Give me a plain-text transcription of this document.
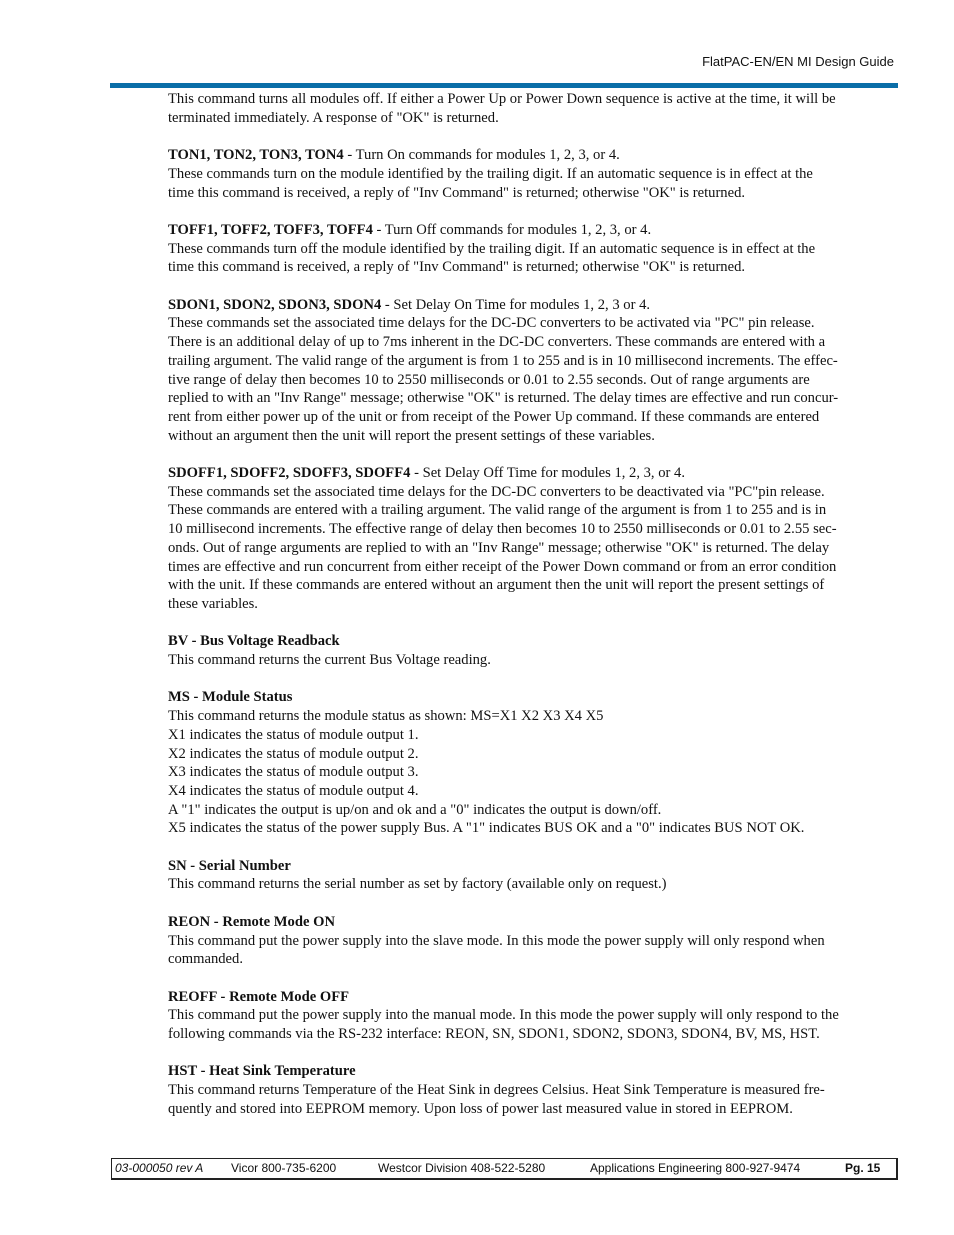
FlatPAC-EN/EN MI Design Guide

This command turns all modules off. If either a Power Up or Power Down sequence is active at the time, it will be
terminated immediately. A response of "OK" is returned.

TON1, TON2, TON3, TON4 - Turn On commands for modules 1, 2, 3, or 4.
These commands turn on the module identified by the trailing digit. If an automatic sequence is in effect at the
time this command is received, a reply of "Inv Command" is returned; otherwise "OK" is returned.

TOFF1, TOFF2, TOFF3, TOFF4 - Turn Off commands for modules 1, 2, 3, or 4.
These commands turn off the module identified by the trailing digit. If an automatic sequence is in effect at the
time this command is received, a reply of "Inv Command" is returned; otherwise "OK" is returned.

SDON1, SDON2, SDON3, SDON4 - Set Delay On Time for modules 1, 2, 3 or 4.
These commands set the associated time delays for the DC-DC converters to be activated via "PC" pin release.
There is an additional delay of up to 7ms inherent in the DC-DC converters. These commands are entered with a
trailing argument. The valid range of the argument is from 1 to 255 and is in 10 millisecond increments. The effec-
tive range of delay then becomes 10 to 2550 milliseconds or 0.01 to 2.55 seconds. Out of range arguments are
replied to with an "Inv Range" message; otherwise "OK" is returned. The delay times are effective and run concur-
rent from either power up of the unit or from receipt of the Power Up command. If these commands are entered
without an argument then the unit will report the present settings of these variables.

SDOFF1, SDOFF2, SDOFF3, SDOFF4 - Set Delay Off Time for modules 1, 2, 3, or 4.
These commands set the associated time delays for the DC-DC converters to be deactivated via "PC"pin release.
These commands are entered with a trailing argument. The valid range of the argument is from 1 to 255 and is in
10 millisecond increments. The effective range of delay then becomes 10 to 2550 milliseconds or 0.01 to 2.55 sec-
onds. Out of range arguments are replied to with an "Inv Range" message; otherwise "OK" is returned. The delay
times are effective and run concurrent from either receipt of the Power Down command or from an error condition
with the unit. If these commands are entered without an argument then the unit will report the present settings of
these variables.

BV - Bus Voltage Readback
This command returns the current Bus Voltage reading.

MS - Module Status
This command returns the module status as shown: MS=X1 X2 X3 X4 X5
X1 indicates the status of module output 1.
X2 indicates the status of module output 2.
X3 indicates the status of module output 3.
X4 indicates the status of module output 4.
A "1" indicates the output is up/on and ok and a "0" indicates the output is down/off.
X5 indicates the status of the power supply Bus. A "1" indicates BUS OK and a "0" indicates BUS NOT OK.

SN - Serial Number
This command returns the serial number as set by factory (available only on request.)

REON - Remote Mode ON
This command put the power supply into the slave mode. In this mode the power supply will only respond when
commanded.

REOFF - Remote Mode OFF
This command put the power supply into the manual mode. In this mode the power supply will only respond to the
following commands via the RS-232 interface: REON, SN, SDON1, SDON2, SDON3, SDON4, BV, MS, HST.

HST - Heat Sink Temperature
This command returns Temperature of the Heat Sink in degrees Celsius. Heat Sink Temperature is measured fre-
quently and stored into EEPROM memory. Upon loss of power last measured value in stored in EEPROM.

03-000050 rev A Vicor 800-735-6200	Westcor Division 408-522-5280	Applications Engineering 800-927-9474	Pg. 15
